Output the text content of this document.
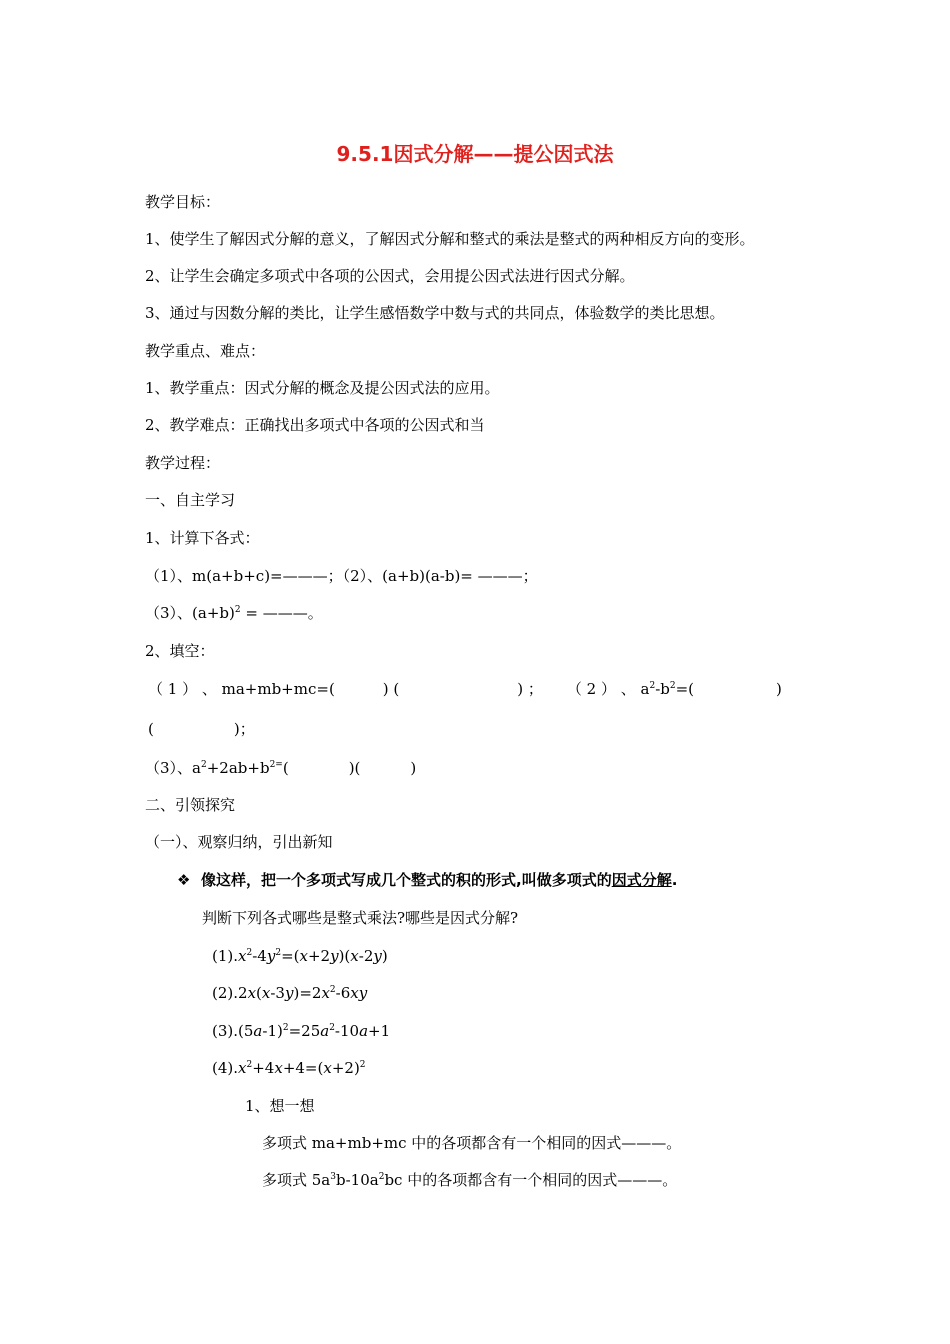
9.5.1因式分解——提公因式法
教学目标：
1、使学生了解因式分解的意义，了解因式分解和整式的乘法是整式的两种相反方向的变形。
2、让学生会确定多项式中各项的公因式，会用提公因式法进行因式分解。
3、通过与因数分解的类比，让学生感悟数学中数与式的共同点，体验数学的类比思想。
教学重点、难点：
1、教学重点：因式分解的概念及提公因式法的应用。
2、教学难点：正确找出多项式中各项的公因式和当
教学过程：
一、自主学习
1、计算下各式：
（1）、m(a+b+c)=———；（2）、(a+b)(a-b)= ———；
（3）、$(a+b)^2$ = ———。
2、填空：
（ 1 ） 、 ma+mb+mc=(	) (	) ； （ 2 ） 、 $a^2-b^2=$(	)
(	)；
（3）、$a^2+2ab+b^{2=}$(	)(	)
二、引领探究
（一）、观察归纳，引出新知
❖ 像这样，把一个多项式写成几个整式的积的形式,叫做多项式的因式分解.
判断下列各式哪些是整式乘法?哪些是因式分解?
$(1).x^2-4y^2=(x+2y)(x-2y)$
$(2).2x(x-3y)=2x^2-6xy$
$(3).(5a-1)^2=25a^2-10a+1$
$(4).x^2+4x+4=(x+2)^2$
1、想一想
多项式 ma+mb+mc 中的各项都含有一个相同的因式———。
多项式 $5a^3b-10a^2bc$ 中的各项都含有一个相同的因式———。
